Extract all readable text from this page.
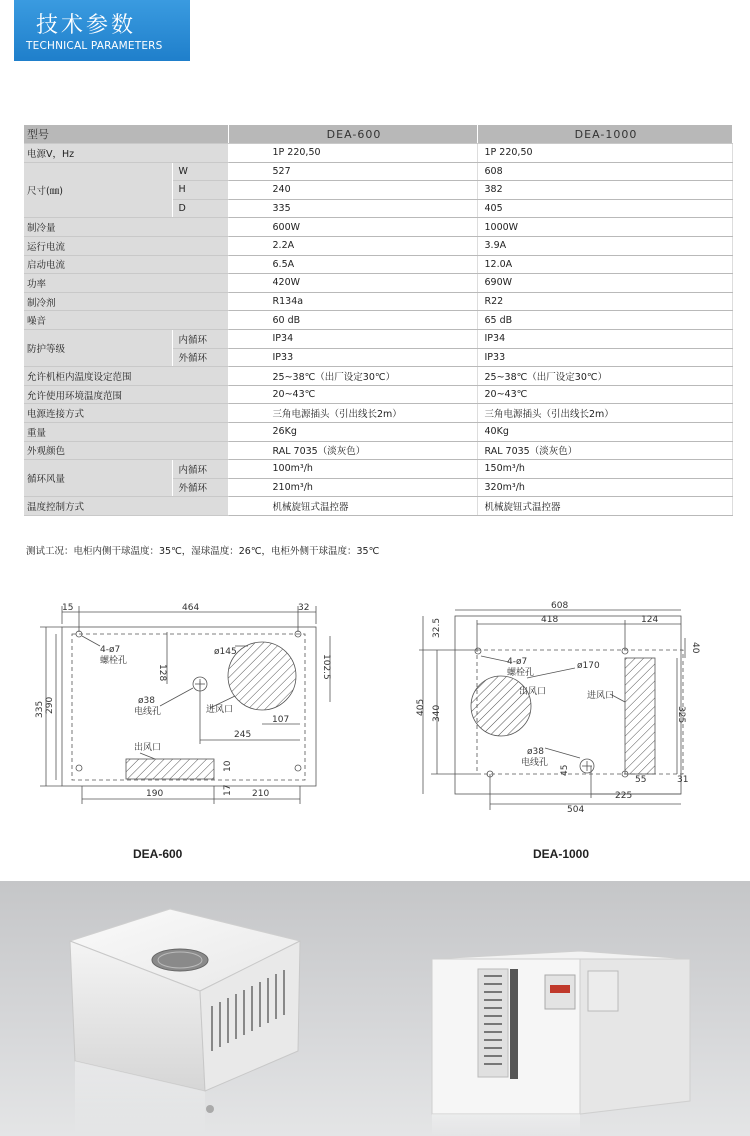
技术参数
TECHNICAL PARAMETERS
型号		DEA-600	DEA-1000
电源V，Hz		1P 220,50	1P 220,50
尺寸(㎜)	W	527	608
	H	240	382
	D	335	405
制冷量		600W	1000W
运行电流		2.2A	3.9A
启动电流		6.5A	12.0A
功率		420W	690W
制冷剂		R134a	R22
噪音		60 dB	65 dB
防护等级	内循环	IP34	IP34
	外循环	IP33	IP33
允许机柜内温度设定范围		25~38℃（出厂设定30℃）	25~38℃（出厂设定30℃）
允许使用环境温度范围		20~43℃	20~43℃
电源连接方式		三角电源插头（引出线长2m）	三角电源插头（引出线长2m）
重量		26Kg	40Kg
外观颜色		RAL 7035（淡灰色）	RAL 7035（淡灰色）
循环风量	内循环	100m³/h	150m³/h
	外循环	210m³/h	320m³/h
温度控制方式		机械旋钮式温控器	机械旋钮式温控器
测试工况：电柜内侧干球温度：35℃，湿球温度：26℃，电柜外侧干球温度：35℃
15	464	32
128	102.5
335 290
245
107
190	210
10
17
4-ø7
螺栓孔
ø145
ø38
电线孔	进风口
出风口
DEA-600
608
418	124
32.5
40
405 340	325
225
504
55	31
45
4-ø7
螺栓孔
ø170
ø38
电线孔
进风口
出风口
DEA-1000
